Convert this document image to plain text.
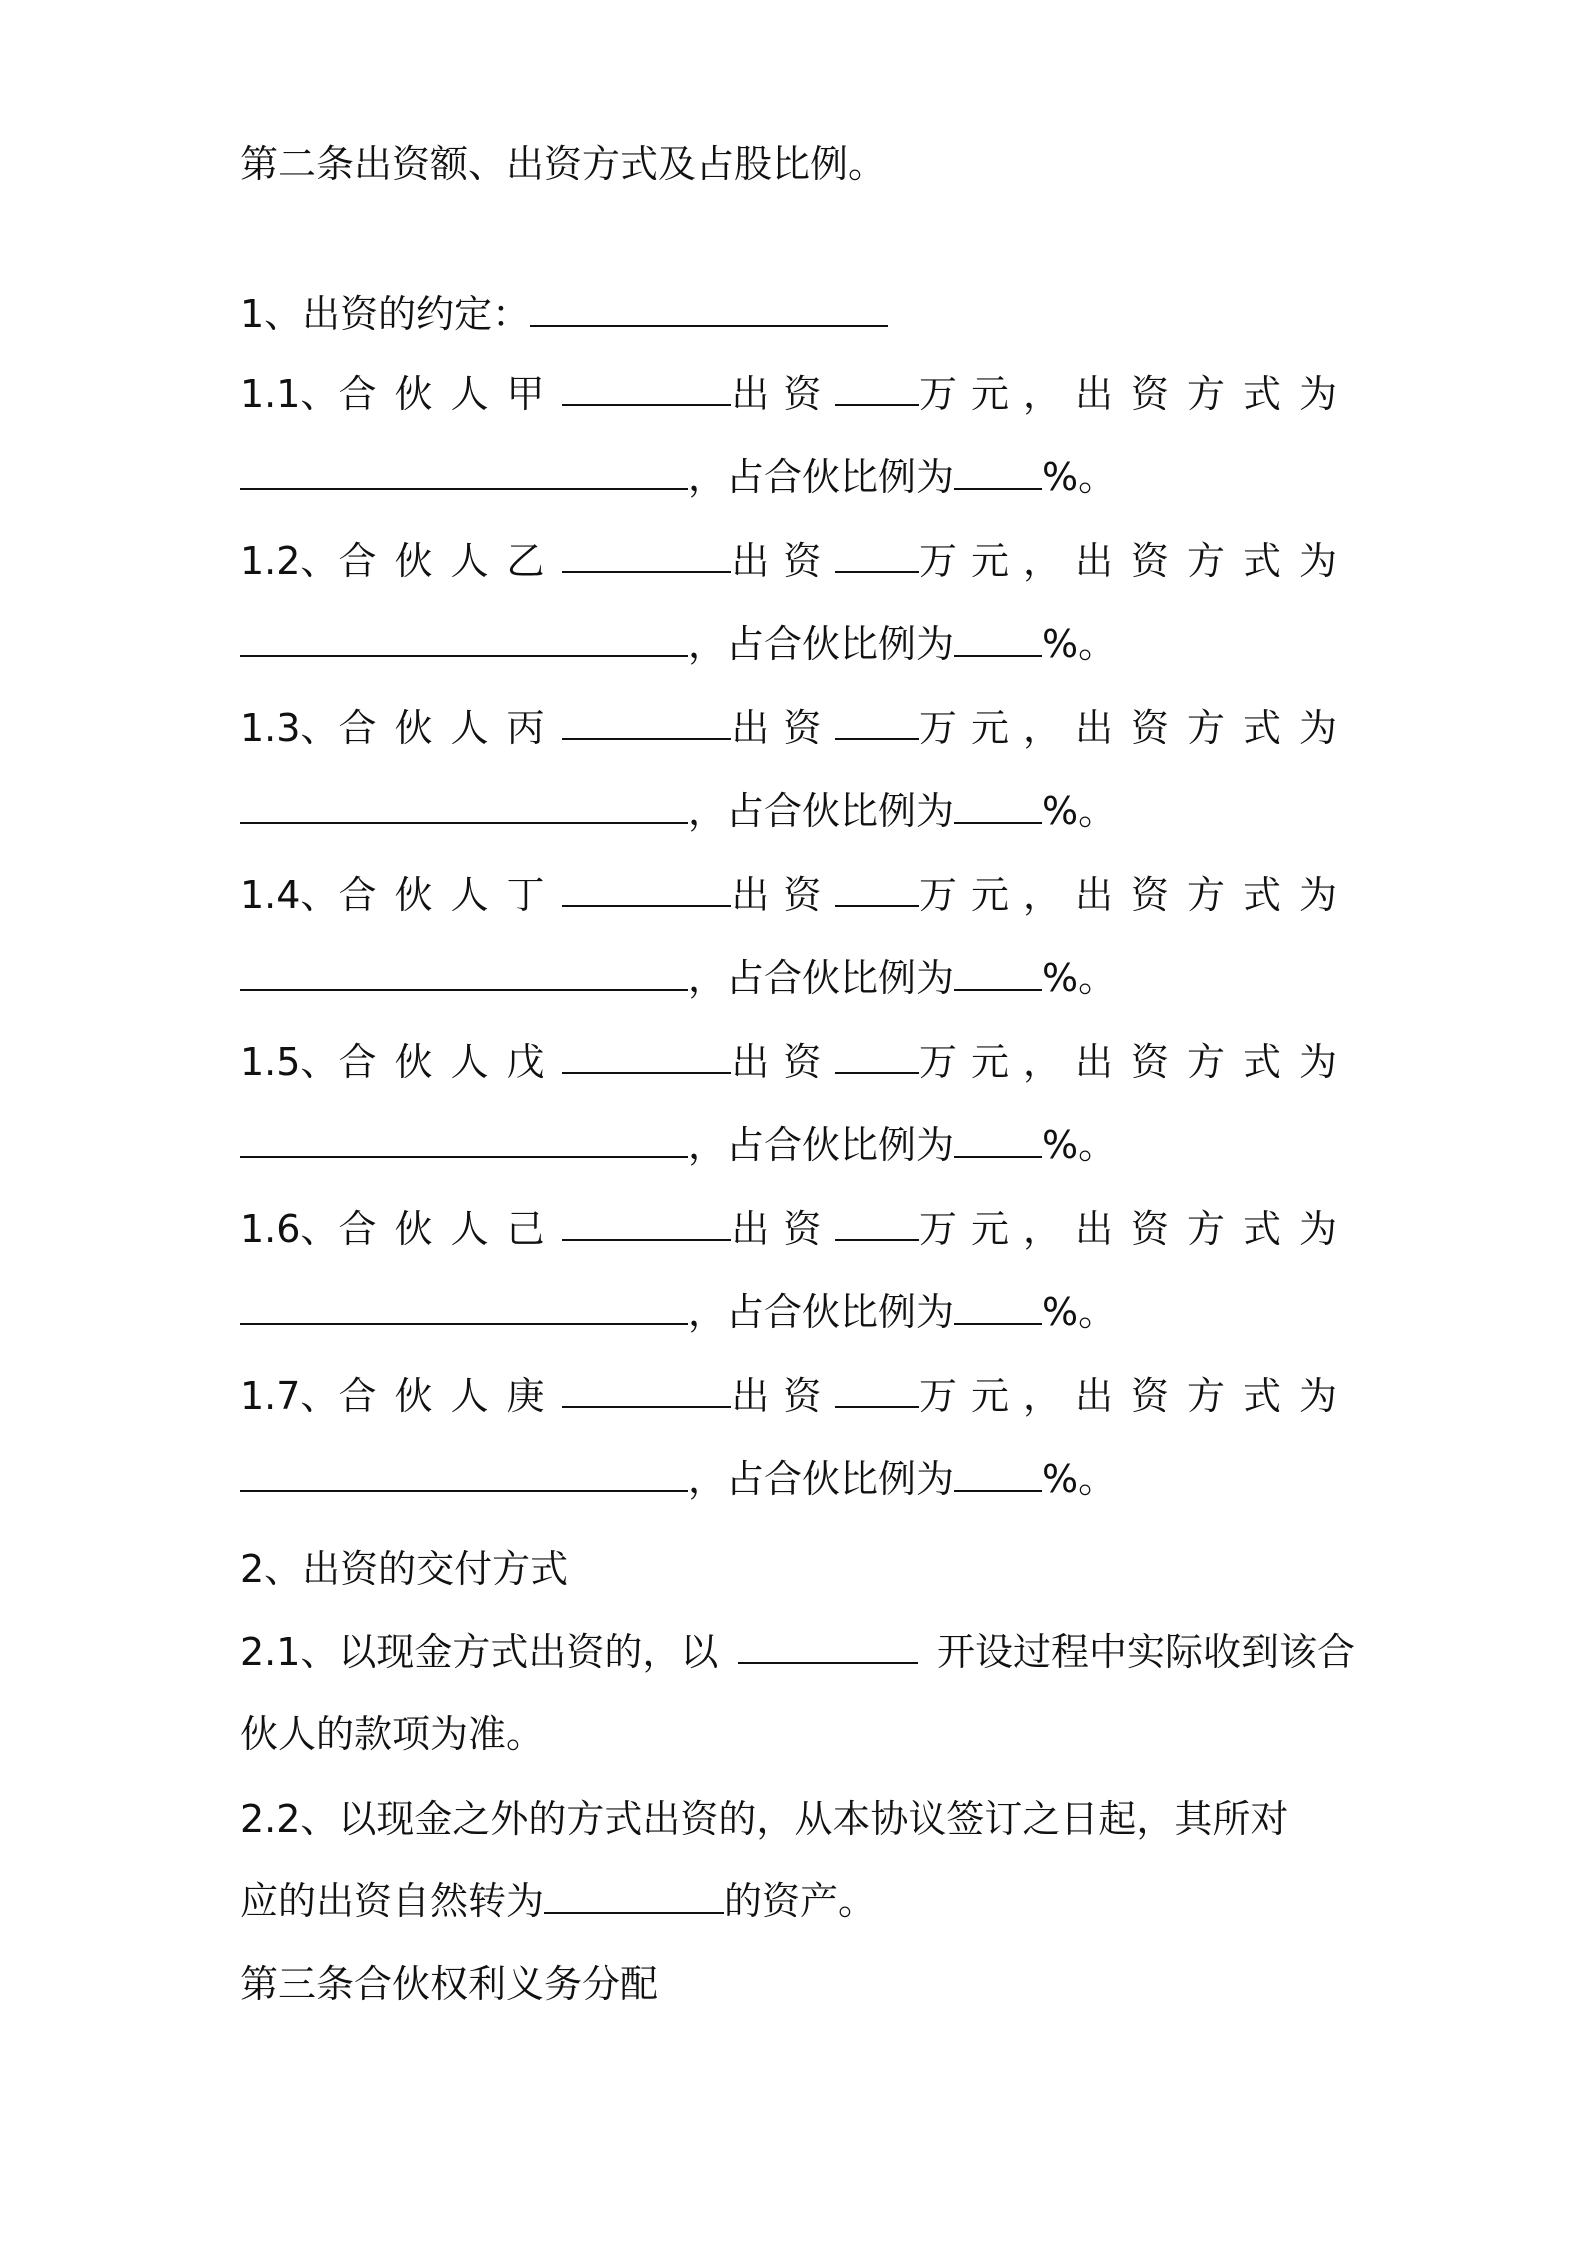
第二条出资额、出资方式及占股比例。
1、出资的约定：
1.1、 合伙人甲	出资 万元， 出资方式为
，占合伙比例为 %。
1.2、 合伙人乙	出资 万元， 出资方式为
，占合伙比例为 %。
1.3、 合伙人丙	出资 万元， 出资方式为
，占合伙比例为 %。
1.4、 合伙人丁	出资 万元， 出资方式为
，占合伙比例为 %。
1.5、 合伙人戊	出资 万元， 出资方式为
，占合伙比例为 %。
1.6、 合伙人己	出资 万元， 出资方式为
，占合伙比例为 %。
1.7、 合伙人庚	出资 万元， 出资方式为
，占合伙比例为 %。
2、出资的交付方式
2.1、以现金方式出资的，以	开设过程中实际收到该合
伙人的款项为准。
2.2、以现金之外的方式出资的，从本协议签订之日起，其所对
应的出资自然转为	的资产。
第三条合伙权利义务分配
